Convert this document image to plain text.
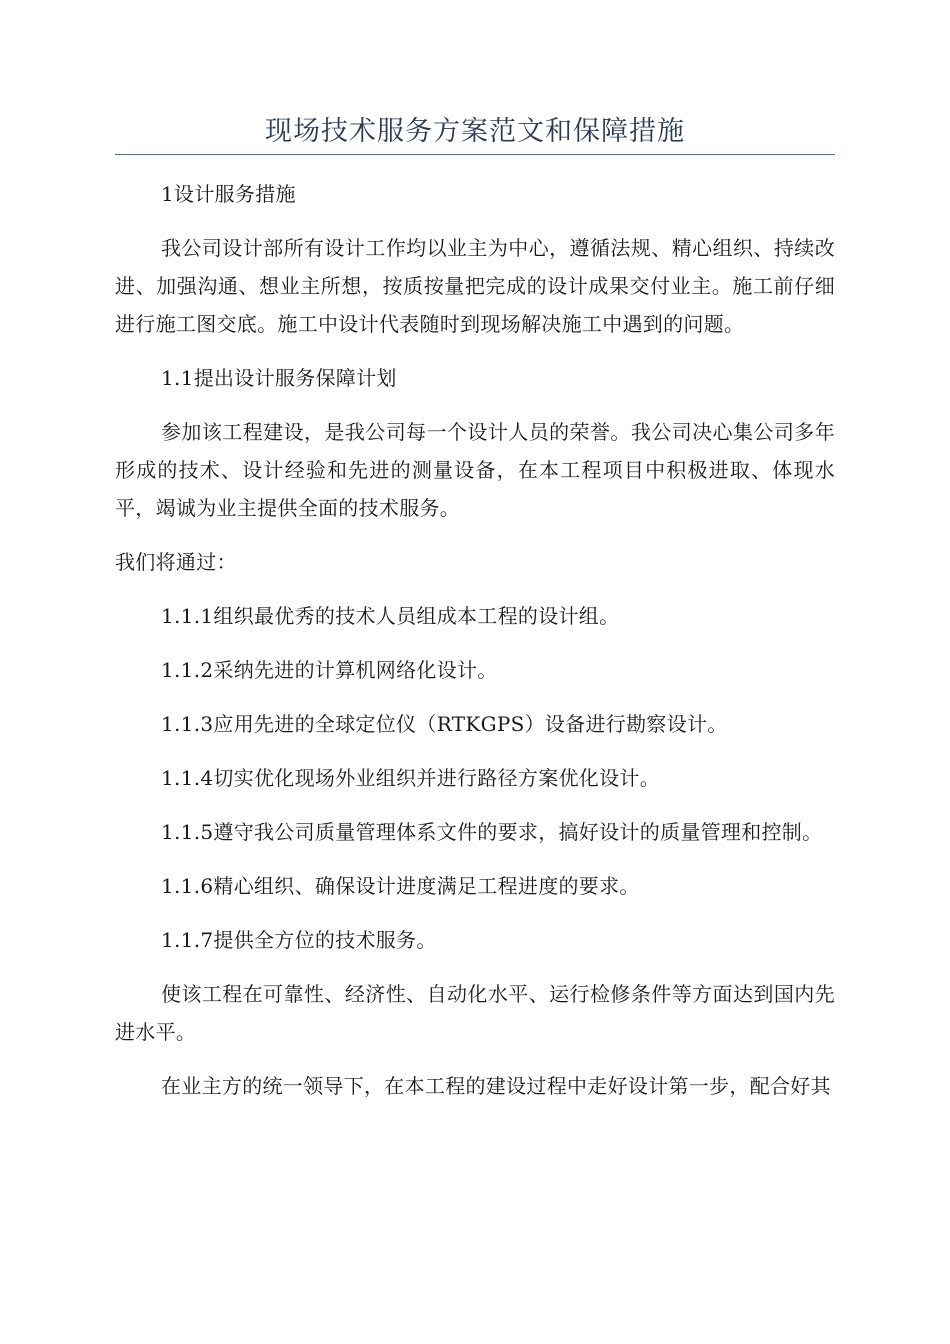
现场技术服务方案范文和保障措施

1设计服务措施

我公司设计部所有设计工作均以业主为中心，遵循法规、精心组织、持续改进、加强沟通、想业主所想，按质按量把完成的设计成果交付业主。施工前仔细进行施工图交底。施工中设计代表随时到现场解决施工中遇到的问题。

1.1提出设计服务保障计划

参加该工程建设，是我公司每一个设计人员的荣誉。我公司决心集公司多年形成的技术、设计经验和先进的测量设备，在本工程项目中积极进取、体现水平，竭诚为业主提供全面的技术服务。

我们将通过：

1.1.1组织最优秀的技术人员组成本工程的设计组。

1.1.2采纳先进的计算机网络化设计。

1.1.3应用先进的全球定位仪（RTKGPS）设备进行勘察设计。

1.1.4切实优化现场外业组织并进行路径方案优化设计。

1.1.5遵守我公司质量管理体系文件的要求，搞好设计的质量管理和控制。

1.1.6精心组织、确保设计进度满足工程进度的要求。

1.1.7提供全方位的技术服务。

使该工程在可靠性、经济性、自动化水平、运行检修条件等方面达到国内先进水平。

在业主方的统一领导下，在本工程的建设过程中走好设计第一步，配合好其
